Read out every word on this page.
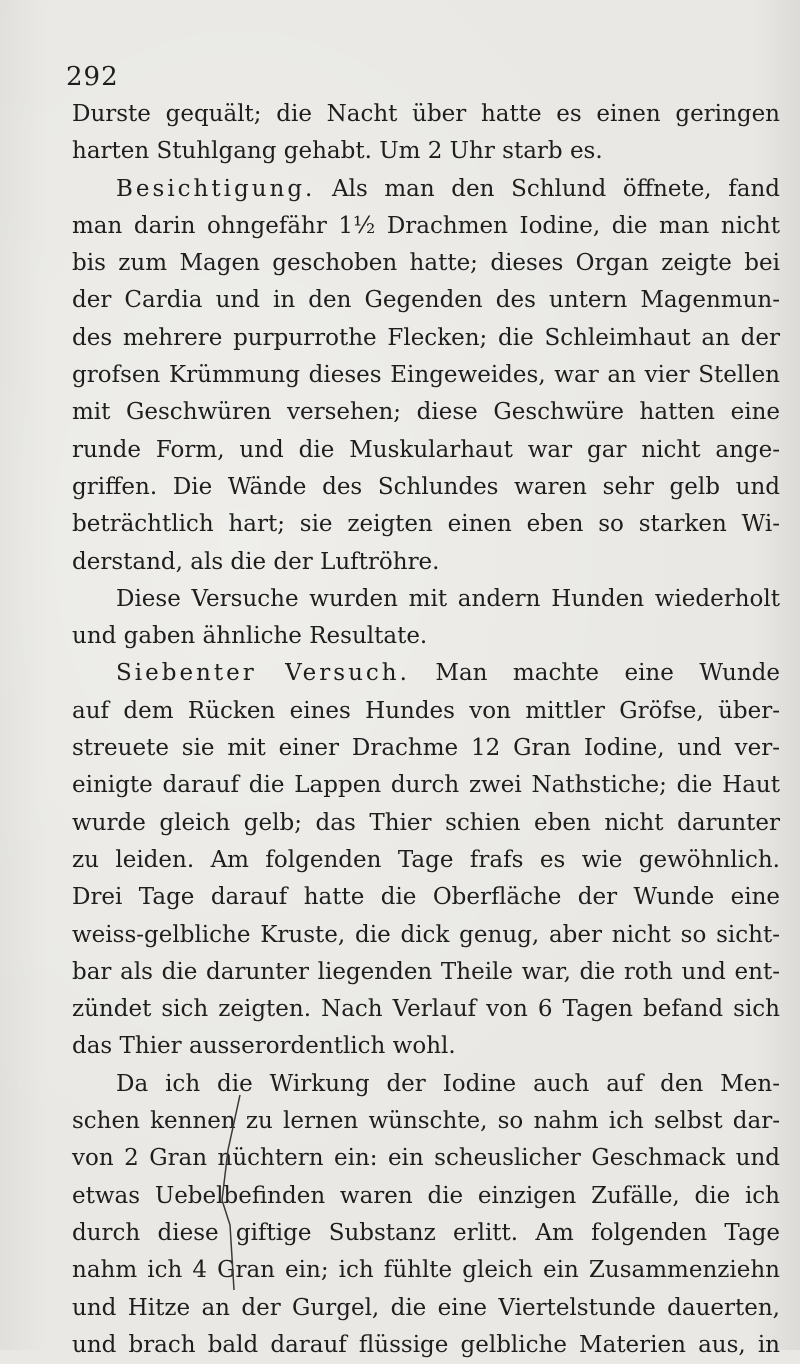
292
Durste gequält; die Nacht über hatte es einen geringen
harten Stuhlgang gehabt. Um 2 Uhr starb es.
Besichtigung. Als man den Schlund öffnete, fand
man darin ohngefähr 1½ Drachmen Iodine, die man nicht
bis zum Magen geschoben hatte; dieses Organ zeigte bei
der Cardia und in den Gegenden des untern Magenmun-
des mehrere purpurrothe Flecken; die Schleimhaut an der
grofsen Krümmung dieses Eingeweides, war an vier Stellen
mit Geschwüren versehen; diese Geschwüre hatten eine
runde Form, und die Muskularhaut war gar nicht ange-
griffen. Die Wände des Schlundes waren sehr gelb und
beträchtlich hart; sie zeigten einen eben so starken Wi-
derstand, als die der Luftröhre.
Diese Versuche wurden mit andern Hunden wiederholt
und gaben ähnliche Resultate.
Siebenter Versuch. Man machte eine Wunde
auf dem Rücken eines Hundes von mittler Gröfse, über-
streuete sie mit einer Drachme 12 Gran Iodine, und ver-
einigte darauf die Lappen durch zwei Nathstiche; die Haut
wurde gleich gelb; das Thier schien eben nicht darunter
zu leiden. Am folgenden Tage frafs es wie gewöhnlich.
Drei Tage darauf hatte die Oberfläche der Wunde eine
weiss-gelbliche Kruste, die dick genug, aber nicht so sicht-
bar als die darunter liegenden Theile war, die roth und ent-
zündet sich zeigten. Nach Verlauf von 6 Tagen befand sich
das Thier ausserordentlich wohl.
Da ich die Wirkung der Iodine auch auf den Men-
schen kennen zu lernen wünschte, so nahm ich selbst dar-
von 2 Gran nüchtern ein: ein scheuslicher Geschmack und
etwas Uebelbefinden waren die einzigen Zufälle, die ich
durch diese giftige Substanz erlitt. Am folgenden Tage
nahm ich 4 Gran ein; ich fühlte gleich ein Zusammenziehn
und Hitze an der Gurgel, die eine Viertelstunde dauerten,
und brach bald darauf flüssige gelbliche Materien aus, in
